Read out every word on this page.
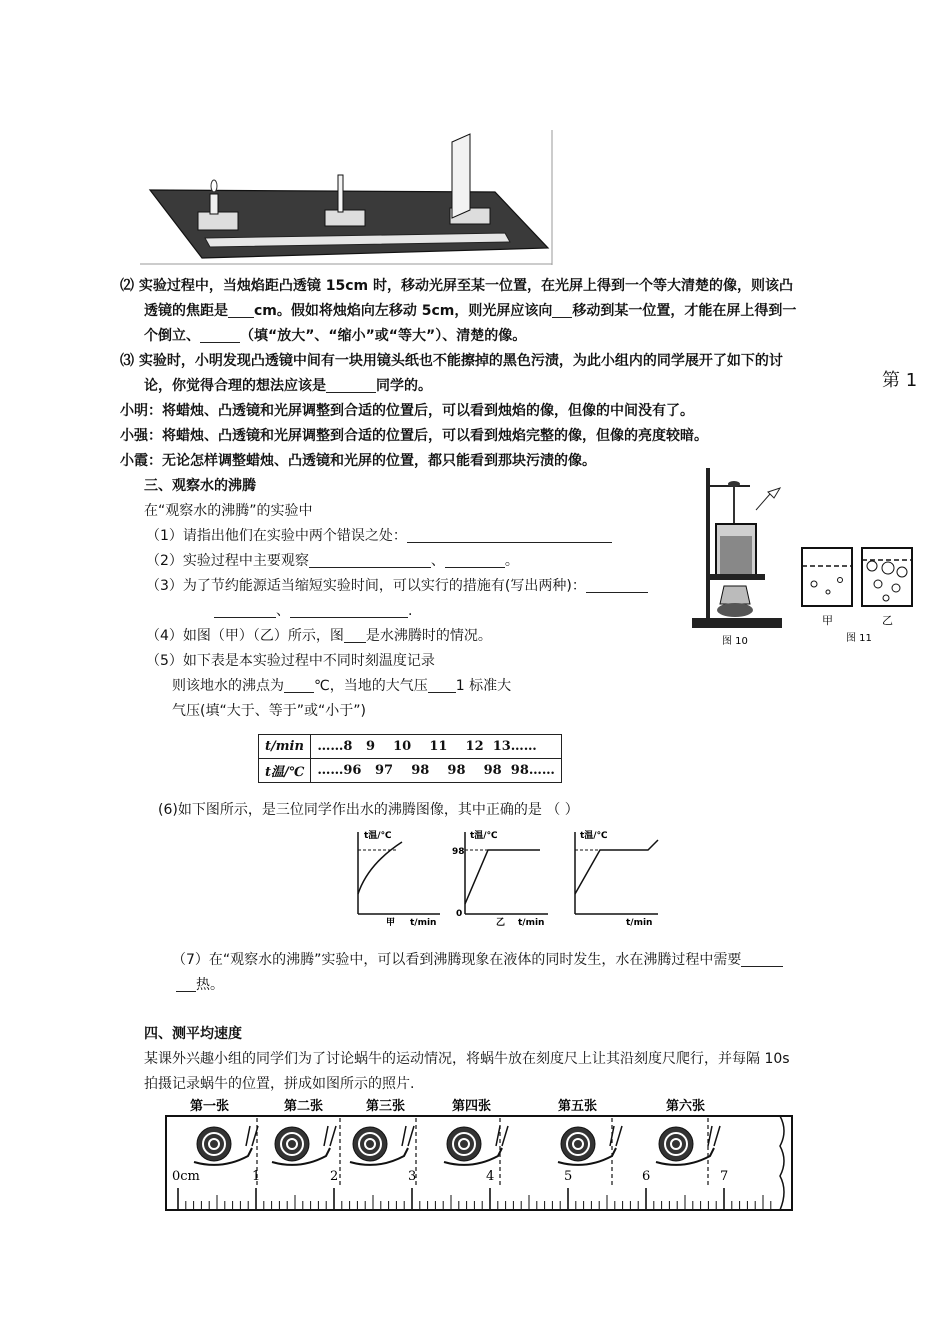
⑵ 实验过程中，当烛焰距凸透镜 15cm 时，移动光屏至某一位置，在光屏上得到一个等大清楚的像，则该凸
透镜的焦距是 cm。假如将烛焰向左移动 5cm，则光屏应该向 移动到某一位置，才能在屏上得到一
个倒立、	（填“放大”、“缩小”或“等大”）、清楚的像。
⑶ 实验时，小明发现凸透镜中间有一块用镜头纸也不能擦掉的黑色污渍，为此小组内的同学展开了如下的讨
论，你觉得合理的想法应该是	同学的。
小明：将蜡烛、凸透镜和光屏调整到合适的位置后，可以看到烛焰的像，但像的中间没有了。
小强：将蜡烛、凸透镜和光屏调整到合适的位置后，可以看到烛焰完整的像，但像的亮度较暗。
小霞：无论怎样调整蜡烛、凸透镜和光屏的位置，都只能看到那块污渍的像。
第 1
三、观察水的沸腾
在“观察水的沸腾”的实验中
（1）请指出他们在实验中两个错误之处：
（2）实验过程中主要观察	、	。
（3）为了节约能源适当缩短实验时间，可以实行的措施有(写出两种)：
、	.
（4）如图（甲）（乙）所示，图 是水沸腾时的情况。
（5）如下表是本实验过程中不同时刻温度记录
则该地水的沸点为 ℃，当地的大气压 1 标准大
气压(填“大于、等于”或“小于”)
图 10
甲	乙
图 11
t/min	……8 9 10 11 12 13……
t温/℃	……96 97 98 98 98 98……
(6)如下图所示，是三位同学作出水的沸腾图像，其中正确的是 （ ）
t温/℃
甲 t/min
98
0
t温/℃
乙 t/min
t温/℃
t/min
（7）在“观察水的沸腾”实验中，可以看到沸腾现象在液体的同时发生，水在沸腾过程中需要
热。
四、测平均速度
某课外兴趣小组的同学们为了讨论蜗牛的运动情况，将蜗牛放在刻度尺上让其沿刻度尺爬行，并每隔 10s
拍摄记录蜗牛的位置，拼成如图所示的照片.
第一张	第二张	第三张	第四张	第五张	第六张
0cm	1	2	3	4	5	6	7
